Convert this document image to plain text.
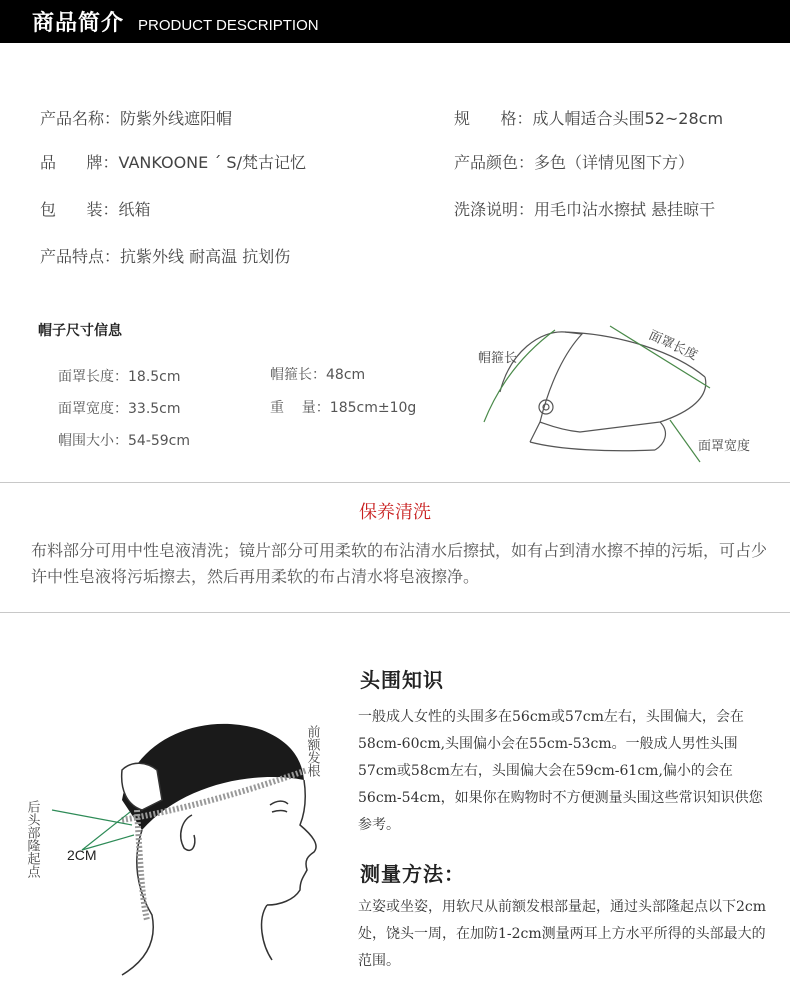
商品简介 PRODUCT DESCRIPTION
产品名称：防紫外线遮阳帽	规      格：成人帽适合头围52~28cm
品      牌：VANKOONE ´ S/梵古记忆	产品颜色：多色（详情见图下方）
包      装：纸箱	洗涤说明：用毛巾沾水擦拭 悬挂晾干
产品特点：抗紫外线 耐高温 抗划伤
帽子尺寸信息
面罩长度：18.5cm	帽箍长：48cm
面罩宽度：33.5cm	重    量：185cm±10g
帽围大小：54-59cm
帽箍长	面罩长度
面罩宽度
保养清洗
布料部分可用中性皂液清洗；镜片部分可用柔软的布沾清水后擦拭，如有占到清水擦不掉的污垢，可占少许中性皂液将污垢擦去，然后再用柔软的布占清水将皂液擦净。
后头部隆起点
前额发根
2CM
头围知识
一般成人女性的头围多在56cm或57cm左右，头围偏大，会在58cm-60cm,头围偏小会在55cm-53cm。一般成人男性头围57cm或58cm左右，头围偏大会在59cm-61cm,偏小的会在56cm-54cm，如果你在购物时不方便测量头围这些常识知识供您参考。
测量方法：
立姿或坐姿，用软尺从前额发根部量起，通过头部隆起点以下2cm处，饶头一周，在加防1-2cm测量两耳上方水平所得的头部最大的范围。
